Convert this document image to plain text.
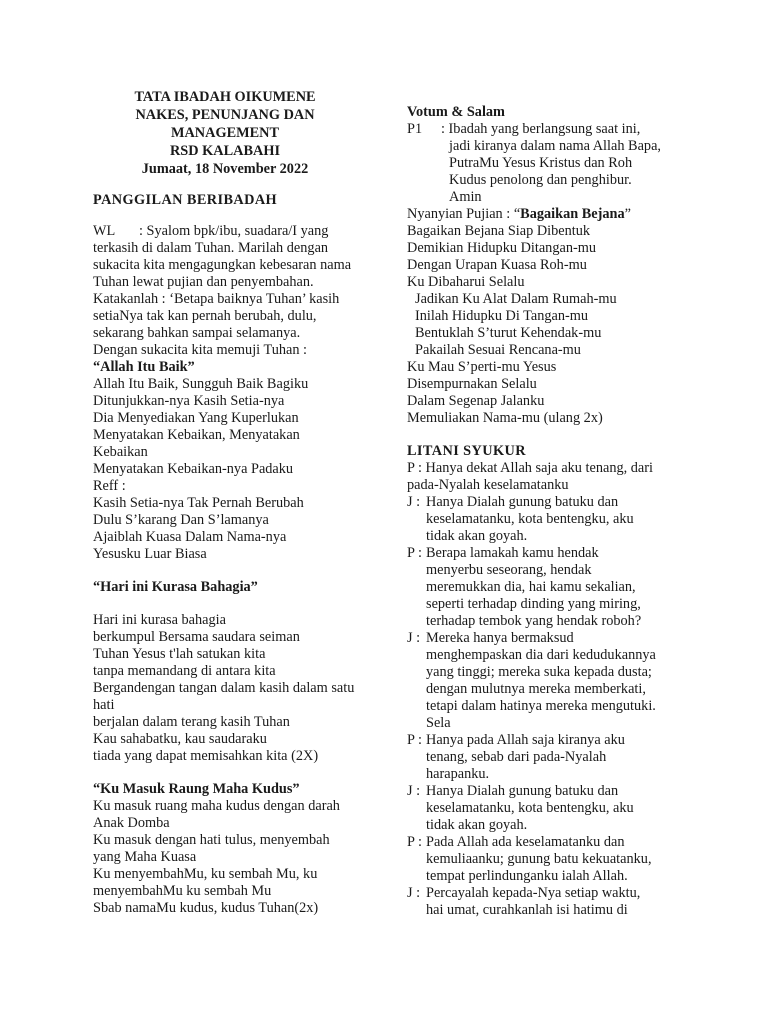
TATA IBADAH OIKUMENE
NAKES, PENUNJANG DAN
MANAGEMENT
RSD KALABAHI
Jumaat, 18 November 2022
PANGGILAN BERIBADAH
WL	: Syalom bpk/ibu, suadara/I yang
terkasih di dalam Tuhan. Marilah dengan sukacita kita mengagungkan kebesaran nama Tuhan lewat pujian dan penyembahan. Katakanlah : ‘Betapa baiknya Tuhan’ kasih setiaNya tak kan pernah berubah, dulu, sekarang bahkan sampai selamanya.
Dengan sukacita kita memuji Tuhan :
“Allah Itu Baik”
Allah Itu Baik, Sungguh Baik Bagiku
Ditunjukkan-nya Kasih Setia-nya
Dia Menyediakan Yang Kuperlukan
Menyatakan Kebaikan, Menyatakan Kebaikan
Menyatakan Kebaikan-nya Padaku
Reff :
Kasih Setia-nya Tak Pernah Berubah
Dulu S’karang Dan S’lamanya
Ajaiblah Kuasa Dalam Nama-nya
Yesusku Luar Biasa
“Hari ini Kurasa Bahagia”
Hari ini kurasa bahagia
berkumpul Bersama saudara seiman
Tuhan Yesus t'lah satukan kita
tanpa memandang di antara kita
Bergandengan tangan dalam kasih dalam satu hati
berjalan dalam terang kasih Tuhan
Kau sahabatku, kau saudaraku
tiada yang dapat memisahkan kita (2X)
“Ku Masuk Raung Maha Kudus”
Ku masuk ruang maha kudus dengan darah Anak Domba
Ku masuk dengan hati tulus, menyembah yang Maha Kuasa
Ku menyembahMu, ku sembah Mu, ku menyembahMu ku sembah Mu
Sbab namaMu kudus, kudus Tuhan(2x)
Votum & Salam
P1	: Ibadah yang berlangsung saat ini,
jadi kiranya dalam nama Allah Bapa,
PutraMu Yesus Kristus dan Roh
Kudus penolong dan penghibur.
Amin
Nyanyian Pujian : “Bagaikan Bejana”
Bagaikan Bejana Siap Dibentuk
Demikian Hidupku Ditangan-mu
Dengan Urapan Kuasa Roh-mu
Ku Dibaharui Selalu
Jadikan Ku Alat Dalam Rumah-mu
Inilah Hidupku Di Tangan-mu
Bentuklah S’turut Kehendak-mu
Pakailah Sesuai Rencana-mu
Ku Mau S’perti-mu Yesus
Disempurnakan Selalu
Dalam Segenap Jalanku
Memuliakan Nama-mu (ulang 2x)
LITANI SYUKUR
P : Hanya dekat Allah saja aku tenang, dari
pada-Nyalah keselamatanku
J :
Hanya Dialah gunung batuku dan
keselamatanku, kota bentengku, aku
tidak akan goyah.
P : Berapa lamakah kamu hendak
menyerbu seseorang, hendak
meremukkan dia, hai kamu sekalian,
seperti terhadap dinding yang miring,
terhadap tembok yang hendak roboh?
J :
Mereka hanya bermaksud
menghempaskan dia dari kedudukannya
yang tinggi; mereka suka kepada dusta;
dengan mulutnya mereka memberkati,
tetapi dalam hatinya mereka mengutuki.
Sela
P : Hanya pada Allah saja kiranya aku
tenang, sebab dari pada-Nyalah
harapanku.
J :
Hanya Dialah gunung batuku dan
keselamatanku, kota bentengku, aku
tidak akan goyah.
P : Pada Allah ada keselamatanku dan
kemuliaanku; gunung batu kekuatanku,
tempat perlindunganku ialah Allah.
J :
Percayalah kepada-Nya setiap waktu,
hai umat, curahkanlah isi hatimu di
